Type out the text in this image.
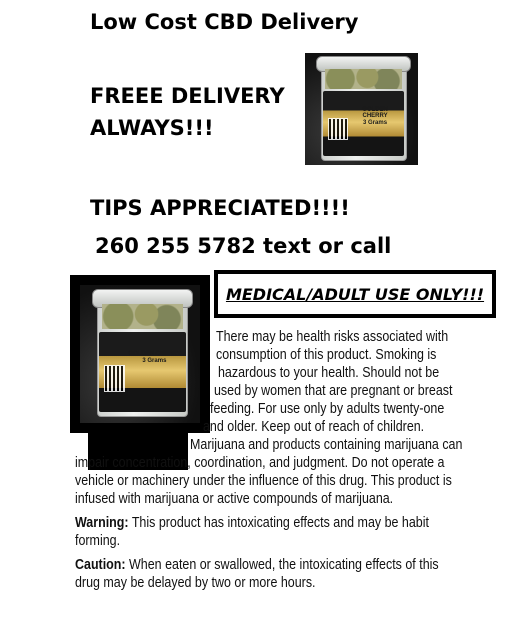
Low Cost CBD Delivery
FREEE DELIVERY
ALWAYS!!!
TIPS APPRECIATED!!!!
260 255 5782 text or call
GOLDEN CHERRY
3 Grams
GOLDEN CHERRY
3 Grams
MEDICAL/ADULT USE ONLY!!!
There may be health risks associated with
consumption of this product. Smoking is
hazardous to your health. Should not be
used by women that are pregnant or breast
feeding. For use only by adults twenty-one
and older. Keep out of reach of children.
Marijuana and products containing marijuana can
impair concentration, coordination, and judgment. Do not operate a
vehicle or machinery under the influence of this drug. This product is
infused with marijuana or active compounds of marijuana.
Warning: This product has intoxicating effects and may be habit
forming.
Caution: When eaten or swallowed, the intoxicating effects of this
drug may be delayed by two or more hours.
